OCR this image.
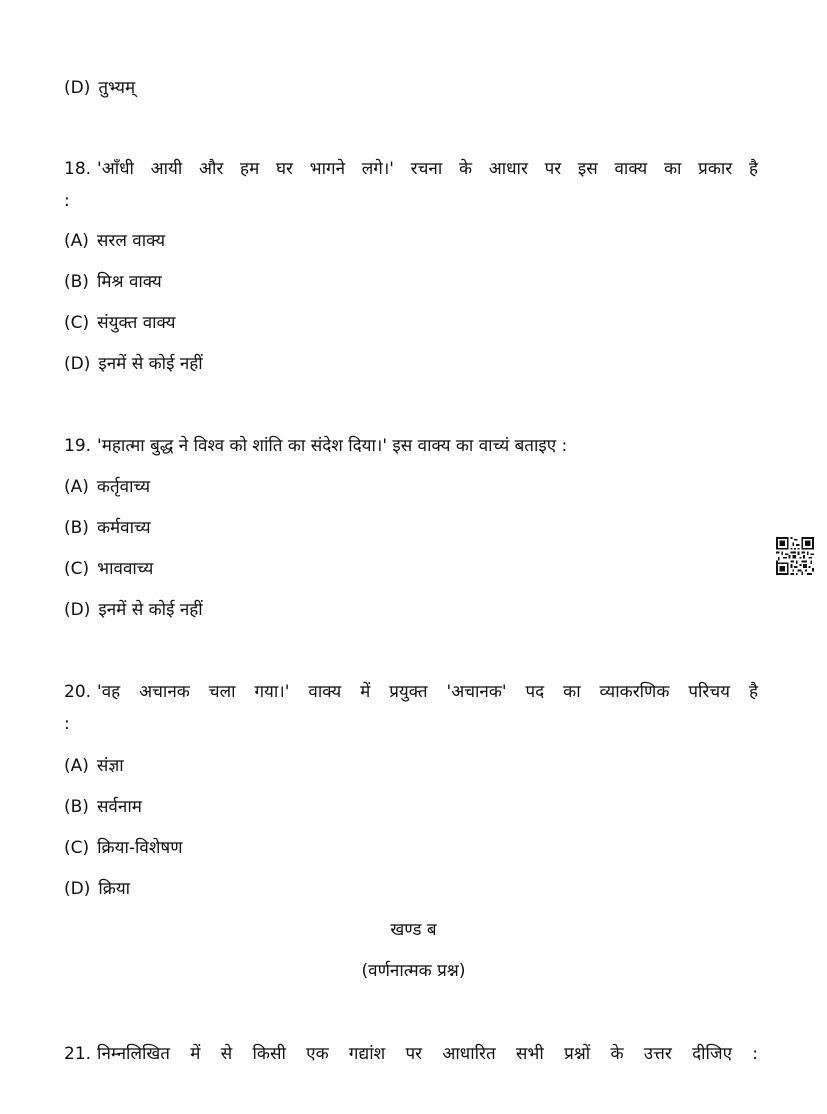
(D) तुभ्यम्
18. 'आँधी आयी और हम घर भागने लगे।' रचना के आधार पर इस वाक्य का प्रकार है
:
(A) सरल वाक्य
(B) मिश्र वाक्य
(C) संयुक्त वाक्य
(D) इनमें से कोई नहीं
19. 'महात्मा बुद्ध ने विश्व को शांति का संदेश दिया।' इस वाक्य का वाच्यं बताइए :
(A) कर्तृवाच्य
(B) कर्मवाच्य
(C) भाववाच्य
(D) इनमें से कोई नहीं
20. 'वह अचानक चला गया।' वाक्य में प्रयुक्त 'अचानक' पद का व्याकरणिक परिचय है
:
(A) संज्ञा
(B) सर्वनाम
(C) क्रिया-विशेषण
(D) क्रिया
खण्ड ब
(वर्णनात्मक प्रश्न)
21. निम्नलिखित में से किसी एक गद्यांश पर आधारित सभी प्रश्नों के उत्तर दीजिए :
